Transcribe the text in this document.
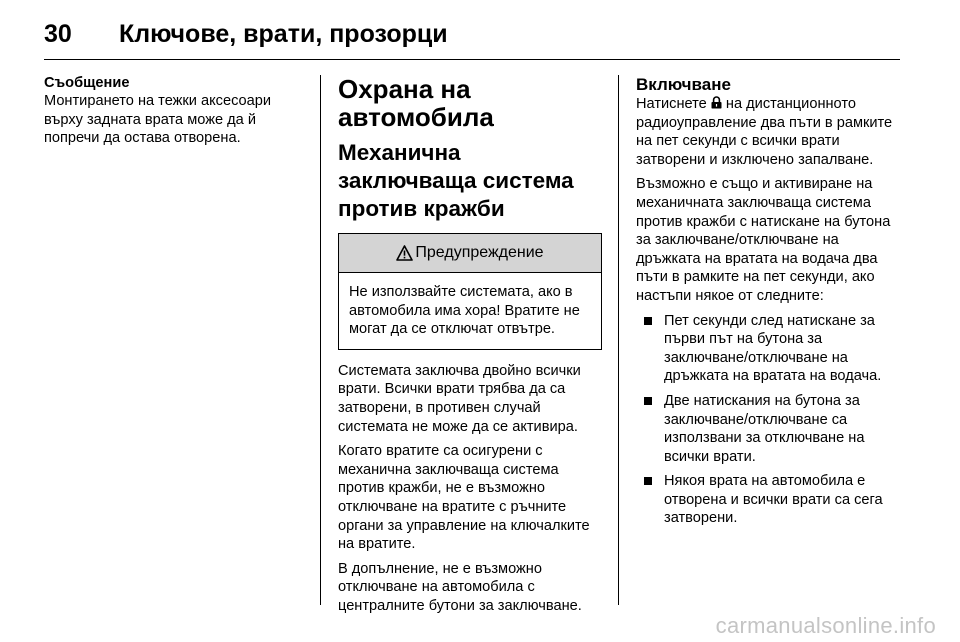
30 Ключове, врати, прозорци

Съобщение

Монтирането на тежки аксесоари върху задната врата може да й попречи да остава отворена.

Охрана на автомобила
Механична заключваща система против кражби
Предупреждение
Не използвайте системата, ако в автомобила има хора! Вратите не могат да се отключат отвътре.

Системата заключва двойно всички врати. Всички врати трябва да са затворени, в противен случай системата не може да се активира.

Когато вратите са осигурени с механична заключваща система против кражби, не е възможно отключване на вратите с ръчните органи за управление на ключалките на вратите.

В допълнение, не е възможно отключване на автомобила с централните бутони за заключване.

Включване

Натиснете на дистанционното радиоуправление два пъти в рамките на пет секунди с всички врати затворени и изключено запалване.

Възможно е също и активиране на механичната заключваща система против кражби с натискане на бутона за заключване/отключване на дръжката на вратата на водача два пъти в рамките на пет секунди, ако настъпи някое от следните:

Пет секунди след натискане за първи път на бутона за заключване/отключване на дръжката на вратата на водача.
Две натискания на бутона за заключване/отключване са използвани за отключване на всички врати.
Някоя врата на автомобила е отворена и всички врати са сега затворени.
carmanualsonline.info
